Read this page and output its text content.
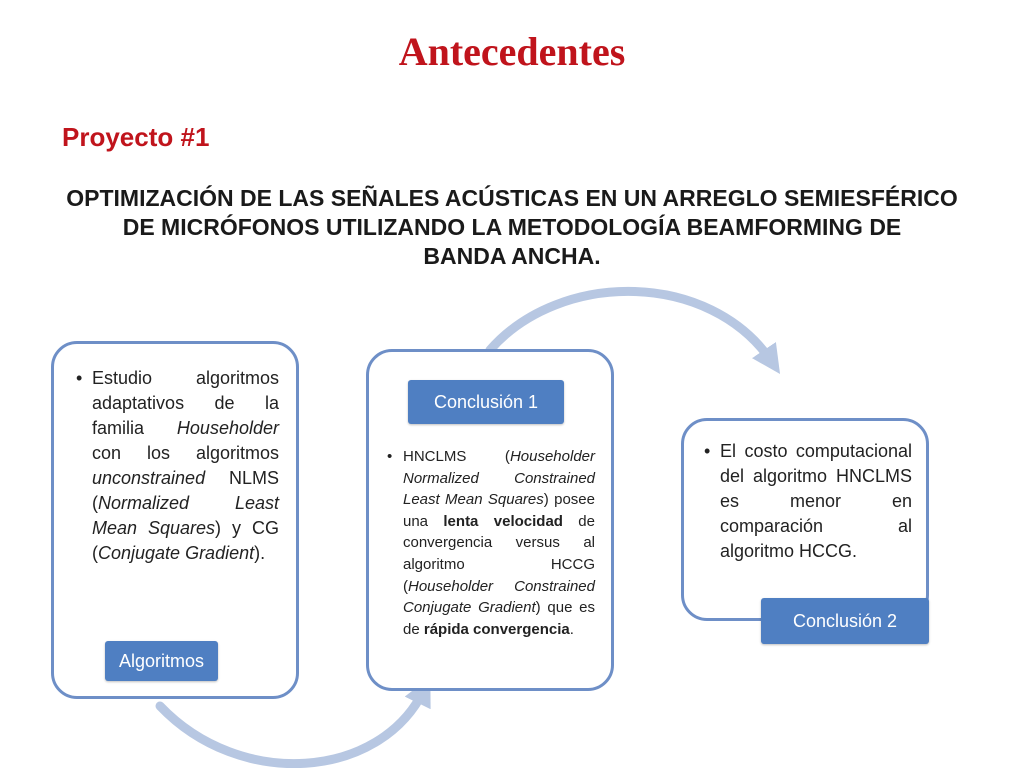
Antecedentes
Proyecto #1
OPTIMIZACIÓN DE LAS SEÑALES ACÚSTICAS EN UN ARREGLO SEMIESFÉRICO
DE MICRÓFONOS UTILIZANDO LA METODOLOGÍA BEAMFORMING DE
BANDA ANCHA.
• Estudio algoritmos adaptativos de la familia Householder con los algoritmos unconstrained NLMS (Normalized Least Mean Squares) y CG (Conjugate Gradient).
Algoritmos
• HNCLMS (Householder Normalized Constrained Least Mean Squares) posee una lenta velocidad de convergencia versus al algoritmo HCCG (Householder Constrained Conjugate Gradient) que es de rápida convergencia.
Conclusión 1
• El costo computacional del algoritmo HNCLMS es menor en comparación al algoritmo HCCG.
Conclusión 2
